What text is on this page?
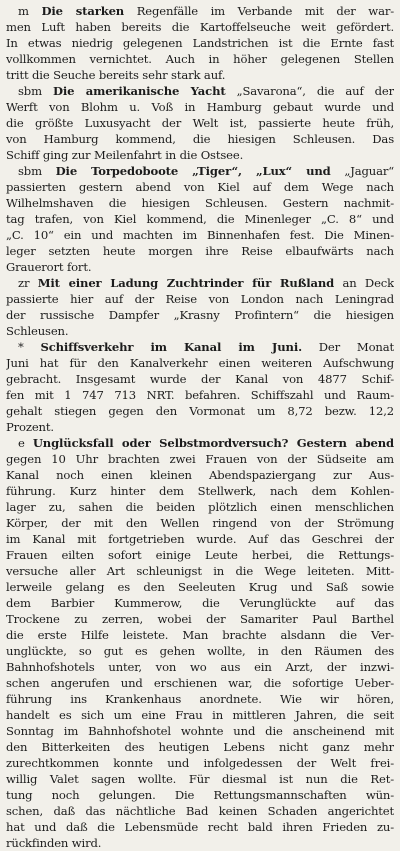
m Die starken Regenfälle im Verbande mit der war-
men Luft haben bereits die Kartoffelseuche weit gefördert.
In etwas niedrig gelegenen Landstrichen ist die Ernte fast
vollkommen vernichtet. Auch in höher gelegenen Stellen
tritt die Seuche bereits sehr stark auf.
sbm Die amerikanische Yacht „Savarona“, die auf der
Werft von Blohm u. Voß in Hamburg gebaut wurde und
die größte Luxusyacht der Welt ist, passierte heute früh,
von Hamburg kommend, die hiesigen Schleusen. Das
Schiff ging zur Meilenfahrt in die Ostsee.
sbm Die Torpedoboote „Tiger“, „Lux“ und „Jaguar“
passierten gestern abend von Kiel auf dem Wege nach
Wilhelmshaven die hiesigen Schleusen. Gestern nachmit-
tag trafen, von Kiel kommend, die Minenleger „C. 8“ und
„C. 10“ ein und machten im Binnenhafen fest. Die Minen-
leger setzten heute morgen ihre Reise elbaufwärts nach
Grauerort fort.
zr Mit einer Ladung Zuchtrinder für Rußland an Deck
passierte hier auf der Reise von London nach Leningrad
der russische Dampfer „Krasny Profintern“ die hiesigen
Schleusen.
* Schiffsverkehr im Kanal im Juni. Der Monat
Juni hat für den Kanalverkehr einen weiteren Aufschwung
gebracht. Insgesamt wurde der Kanal von 4877 Schif-
fen mit 1 747 713 NRT. befahren. Schiffszahl und Raum-
gehalt stiegen gegen den Vormonat um 8,72 bezw. 12,2
Prozent.
e Unglücksfall oder Selbstmordversuch? Gestern abend
gegen 10 Uhr brachten zwei Frauen von der Südseite am
Kanal noch einen kleinen Abendspaziergang zur Aus-
führung. Kurz hinter dem Stellwerk, nach dem Kohlen-
lager zu, sahen die beiden plötzlich einen menschlichen
Körper, der mit den Wellen ringend von der Strömung
im Kanal mit fortgetrieben wurde. Auf das Geschrei der
Frauen eilten sofort einige Leute herbei, die Rettungs-
versuche aller Art schleunigst in die Wege leiteten. Mitt-
lerweile gelang es den Seeleuten Krug und Saß sowie
dem Barbier Kummerow, die Verunglückte auf das
Trockene zu zerren, wobei der Samariter Paul Barthel
die erste Hilfe leistete. Man brachte alsdann die Ver-
unglückte, so gut es gehen wollte, in den Räumen des
Bahnhofshotels unter, von wo aus ein Arzt, der inzwi-
schen angerufen und erschienen war, die sofortige Ueber-
führung ins Krankenhaus anordnete. Wie wir hören,
handelt es sich um eine Frau in mittleren Jahren, die seit
Sonntag im Bahnhofshotel wohnte und die anscheinend mit
den Bitterkeiten des heutigen Lebens nicht ganz mehr
zurechtkommen konnte und infolgedessen der Welt frei-
willig Valet sagen wollte. Für diesmal ist nun die Ret-
tung noch gelungen. Die Rettungsmannschaften wün-
schen, daß das nächtliche Bad keinen Schaden angerichtet
hat und daß die Lebensmüde recht bald ihren Frieden zu-
rückfinden wird.
